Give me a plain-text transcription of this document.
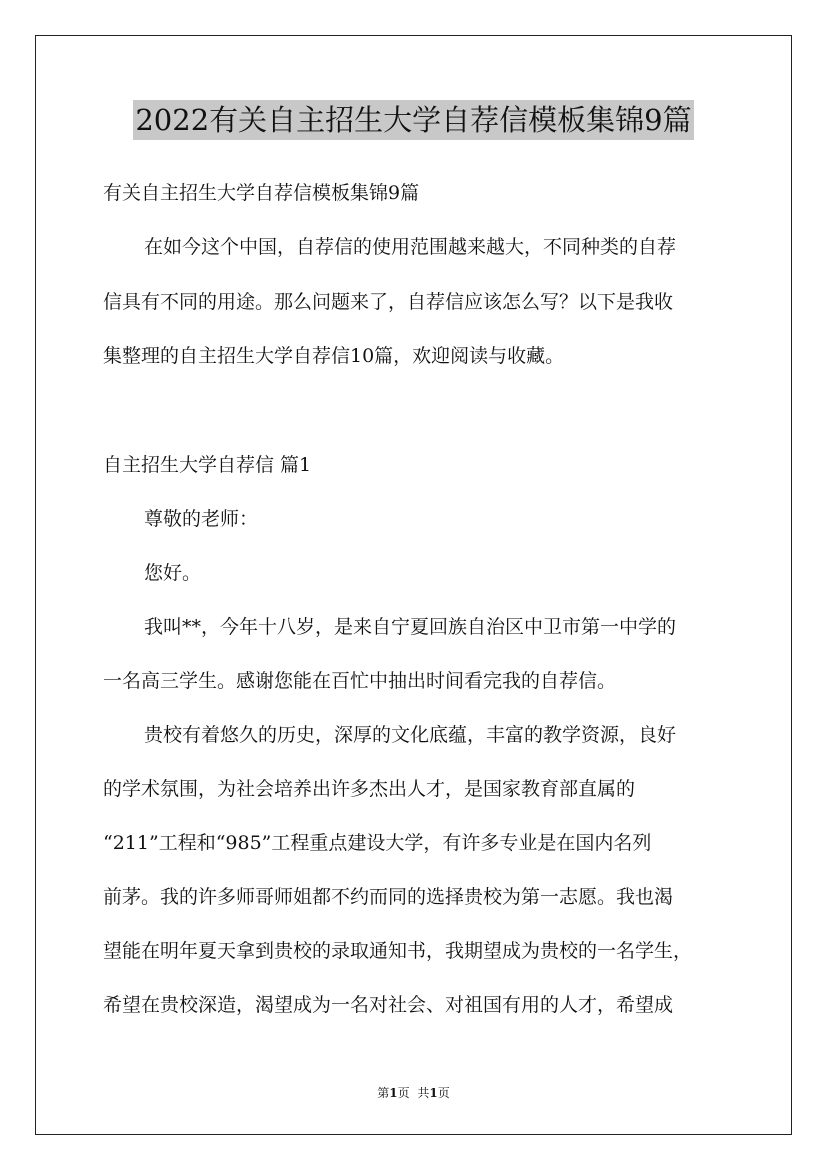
2022有关自主招生大学自荐信模板集锦9篇
有关自主招生大学自荐信模板集锦9篇
在如今这个中国，自荐信的使用范围越来越大，不同种类的自荐
信具有不同的用途。那么问题来了，自荐信应该怎么写？以下是我收
集整理的自主招生大学自荐信10篇，欢迎阅读与收藏。
自主招生大学自荐信 篇1
尊敬的老师：
您好。
我叫**，今年十八岁，是来自宁夏回族自治区中卫市第一中学的
一名高三学生。感谢您能在百忙中抽出时间看完我的自荐信。
贵校有着悠久的历史，深厚的文化底蕴，丰富的教学资源，良好
的学术氛围，为社会培养出许多杰出人才，是国家教育部直属的
“211”工程和“985”工程重点建设大学，有许多专业是在国内名列
前茅。我的许多师哥师姐都不约而同的选择贵校为第一志愿。我也渴
望能在明年夏天拿到贵校的录取通知书，我期望成为贵校的一名学生，
希望在贵校深造，渴望成为一名对社会、对祖国有用的人才，希望成
第1页 共1页
